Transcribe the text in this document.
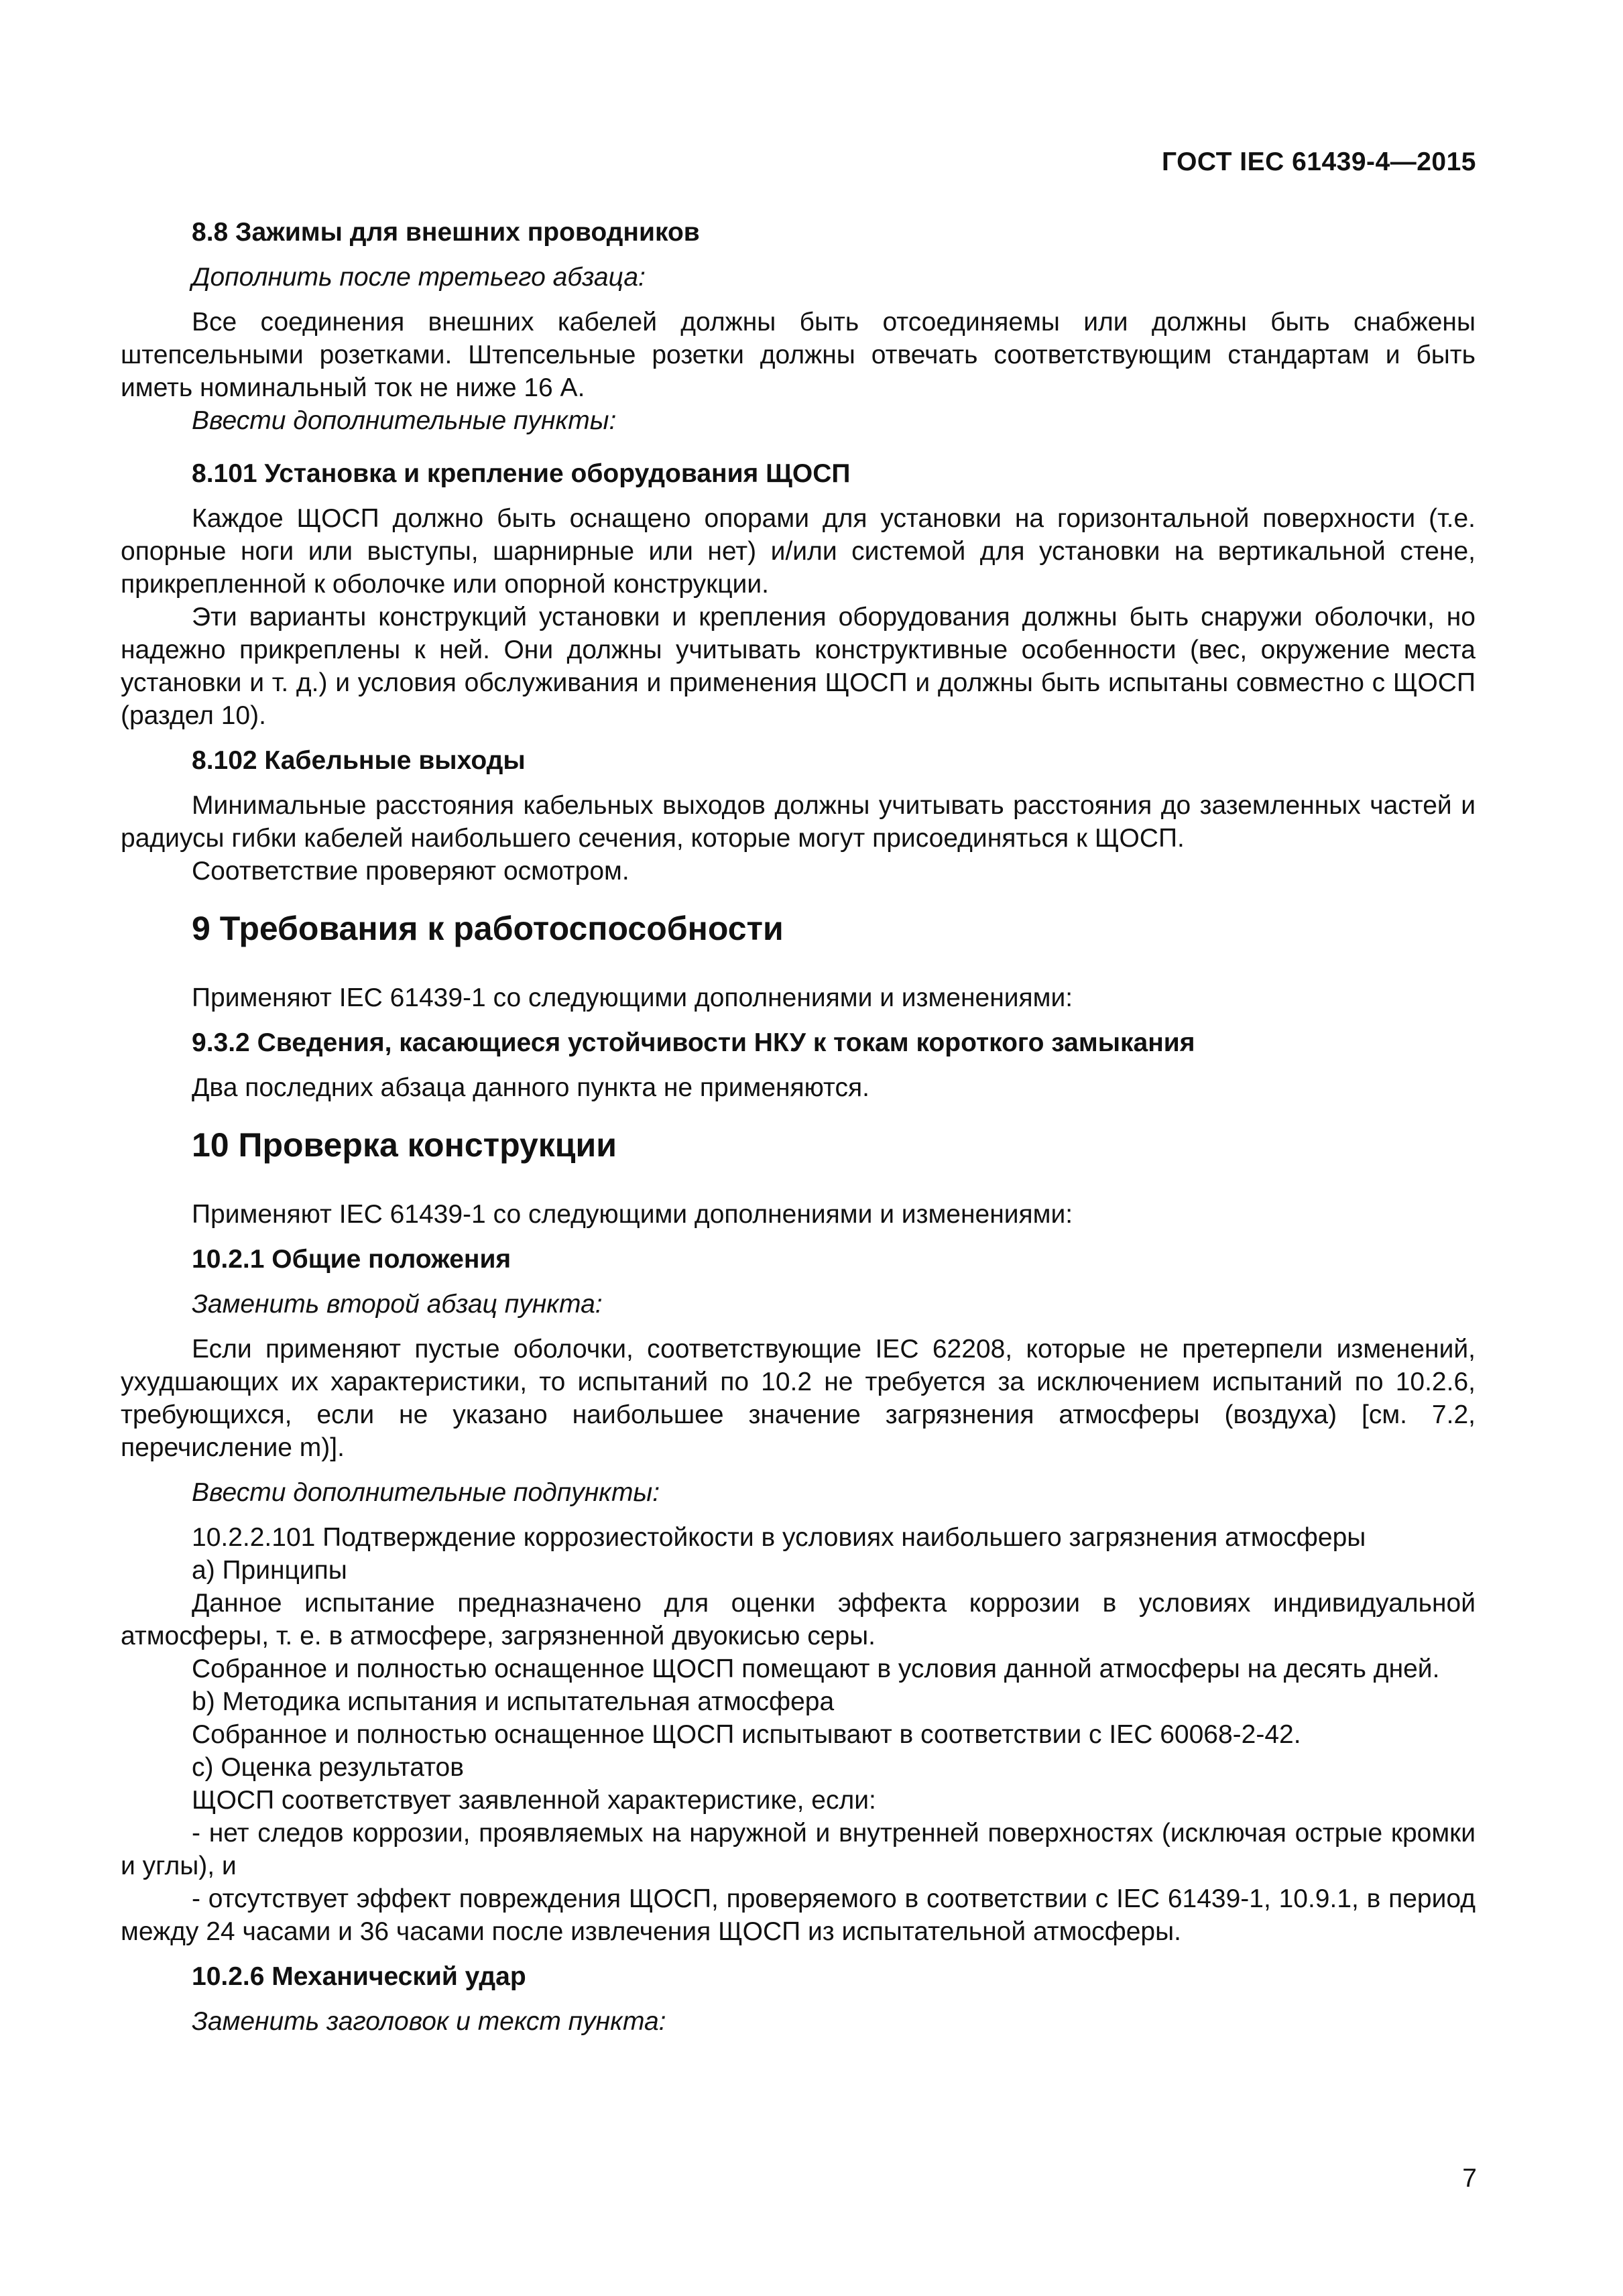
ГОСТ IEC 61439-4—2015
8.8 Зажимы для внешних проводников
Дополнить после третьего абзаца:

Все соединения внешних кабелей должны быть отсоединяемы или должны быть снабжены штепсельными розетками. Штепсельные розетки должны отвечать соответствующим стандартам и быть иметь номинальный ток не ниже 16 А.

Ввести дополнительные пункты:
8.101 Установка и крепление оборудования ЩОСП

Каждое ЩОСП должно быть оснащено опорами для установки на горизонтальной поверхности (т.е. опорные ноги или выступы, шарнирные или нет) и/или системой для установки на вертикальной стене, прикрепленной к оболочке или опорной конструкции.

Эти варианты конструкций установки и крепления оборудования должны быть снаружи оболочки, но надежно прикреплены к ней. Они должны учитывать конструктивные особенности (вес, окружение места установки и т. д.) и условия обслуживания и применения ЩОСП и должны быть испытаны совместно с ЩОСП (раздел 10).

8.102 Кабельные выходы

Минимальные расстояния кабельных выходов должны учитывать расстояния до заземленных частей и радиусы гибки кабелей наибольшего сечения, которые могут присоединяться к ЩОСП.

Соответствие проверяют осмотром.

9 Требования к работоспособности

Применяют IEC 61439-1 со следующими дополнениями и изменениями:

9.3.2 Сведения, касающиеся устойчивости НКУ к токам короткого замыкания

Два последних абзаца данного пункта не применяются.

10 Проверка конструкции

Применяют IEC 61439-1 со следующими дополнениями и изменениями:

10.2.1 Общие положения
Заменить второй абзац пункта:

Если применяют пустые оболочки, соответствующие IEC 62208, которые не претерпели изменений, ухудшающих их характеристики, то испытаний по 10.2 не требуется за исключением испытаний по 10.2.6, требующихся, если не указано наибольшее значение загрязнения атмосферы (воздуха) [см. 7.2, перечисление m)].

Ввести дополнительные подпункты:

10.2.2.101 Подтверждение коррозиестойкости в условиях наибольшего загрязнения атмосферы

а) Принципы

Данное испытание предназначено для оценки эффекта коррозии в условиях индивидуальной атмосферы, т. е. в атмосфере, загрязненной двуокисью серы.

Собранное и полностью оснащенное ЩОСП помещают в условия данной атмосферы на десять дней.

b) Методика испытания и испытательная атмосфера

Собранное и полностью оснащенное ЩОСП испытывают в соответствии с IEC 60068-2-42.

с) Оценка результатов

ЩОСП соответствует заявленной характеристике, если:

- нет следов коррозии, проявляемых на наружной и внутренней поверхностях (исключая острые кромки и углы), и

- отсутствует эффект повреждения ЩОСП, проверяемого в соответствии с IEC 61439-1, 10.9.1, в период между 24 часами и 36 часами после извлечения ЩОСП из испытательной атмосферы.

10.2.6 Механический удар
Заменить заголовок и текст пункта:
7
